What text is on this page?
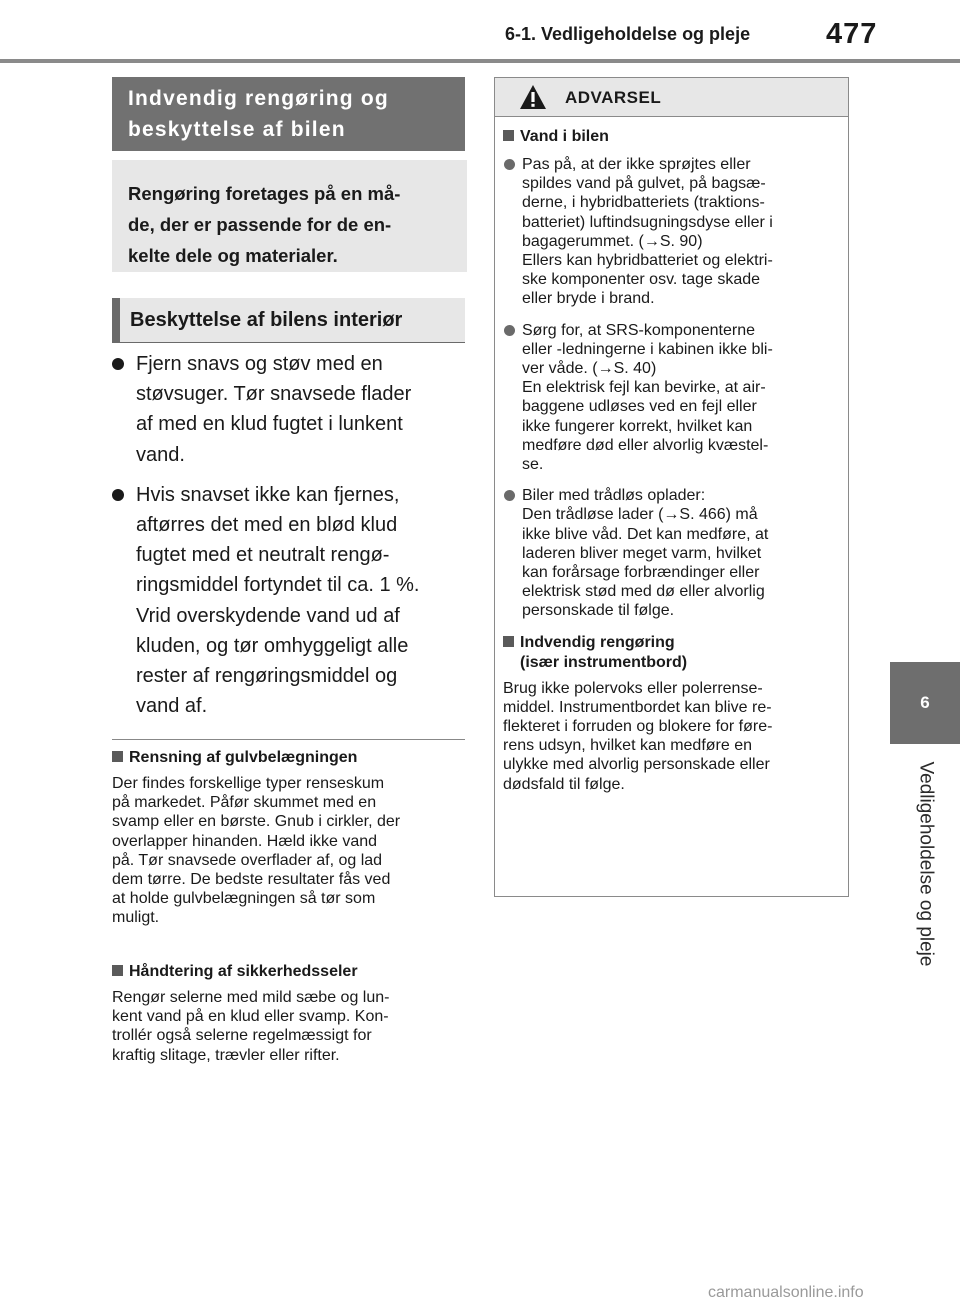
6-1. Vedligeholdelse og pleje	477
6
Vedligeholdelse og pleje
Indvendig rengøring og beskyttelse af bilen
Rengøring foretages på en må-
de, der er passende for de en-
kelte dele og materialer.
Beskyttelse af bilens interiør
Fjern snavs og støv med en
støvsuger. Tør snavsede flader
af med en klud fugtet i lunkent
vand.
Hvis snavset ikke kan fjernes,
aftørres det med en blød klud
fugtet med et neutralt rengø-
ringsmiddel fortyndet til ca. 1 %.
Vrid overskydende vand ud af
kluden, og tør omhyggeligt alle
rester af rengøringsmiddel og
vand af.
Rensning af gulvbelægningen
Der findes forskellige typer renseskum
på markedet. Påfør skummet med en
svamp eller en børste. Gnub i cirkler, der
overlapper hinanden. Hæld ikke vand
på. Tør snavsede overflader af, og lad
dem tørre. De bedste resultater fås ved
at holde gulvbelægningen så tør som
muligt.
Håndtering af sikkerhedsseler
Rengør selerne med mild sæbe og lun-
kent vand på en klud eller svamp. Kon-
trollér også selerne regelmæssigt for
kraftig slitage, trævler eller rifter.
ADVARSEL
Vand i bilen
Pas på, at der ikke sprøjtes eller
spildes vand på gulvet, på bagsæ-
derne, i hybridbatteriets (traktions-
batteriet) luftindsugningsdyse eller i
bagagerummet. (→S. 90)
Ellers kan hybridbatteriet og elektri-
ske komponenter osv. tage skade
eller bryde i brand.
Sørg for, at SRS-komponenterne
eller -ledningerne i kabinen ikke bli-
ver våde. (→S. 40)
En elektrisk fejl kan bevirke, at air-
baggene udløses ved en fejl eller
ikke fungerer korrekt, hvilket kan
medføre død eller alvorlig kvæstel-
se.
Biler med trådløs oplader:
Den trådløse lader (→S. 466) må
ikke blive våd. Det kan medføre, at
laderen bliver meget varm, hvilket
kan forårsage forbrændinger eller
elektrisk stød med dø eller alvorlig
personskade til følge.
Indvendig rengøring
(især instrumentbord)
Brug ikke polervoks eller polerrense-
middel. Instrumentbordet kan blive re-
flekteret i forruden og blokere for føre-
rens udsyn, hvilket kan medføre en
ulykke med alvorlig personskade eller
dødsfald til følge.
carmanualsonline.info
